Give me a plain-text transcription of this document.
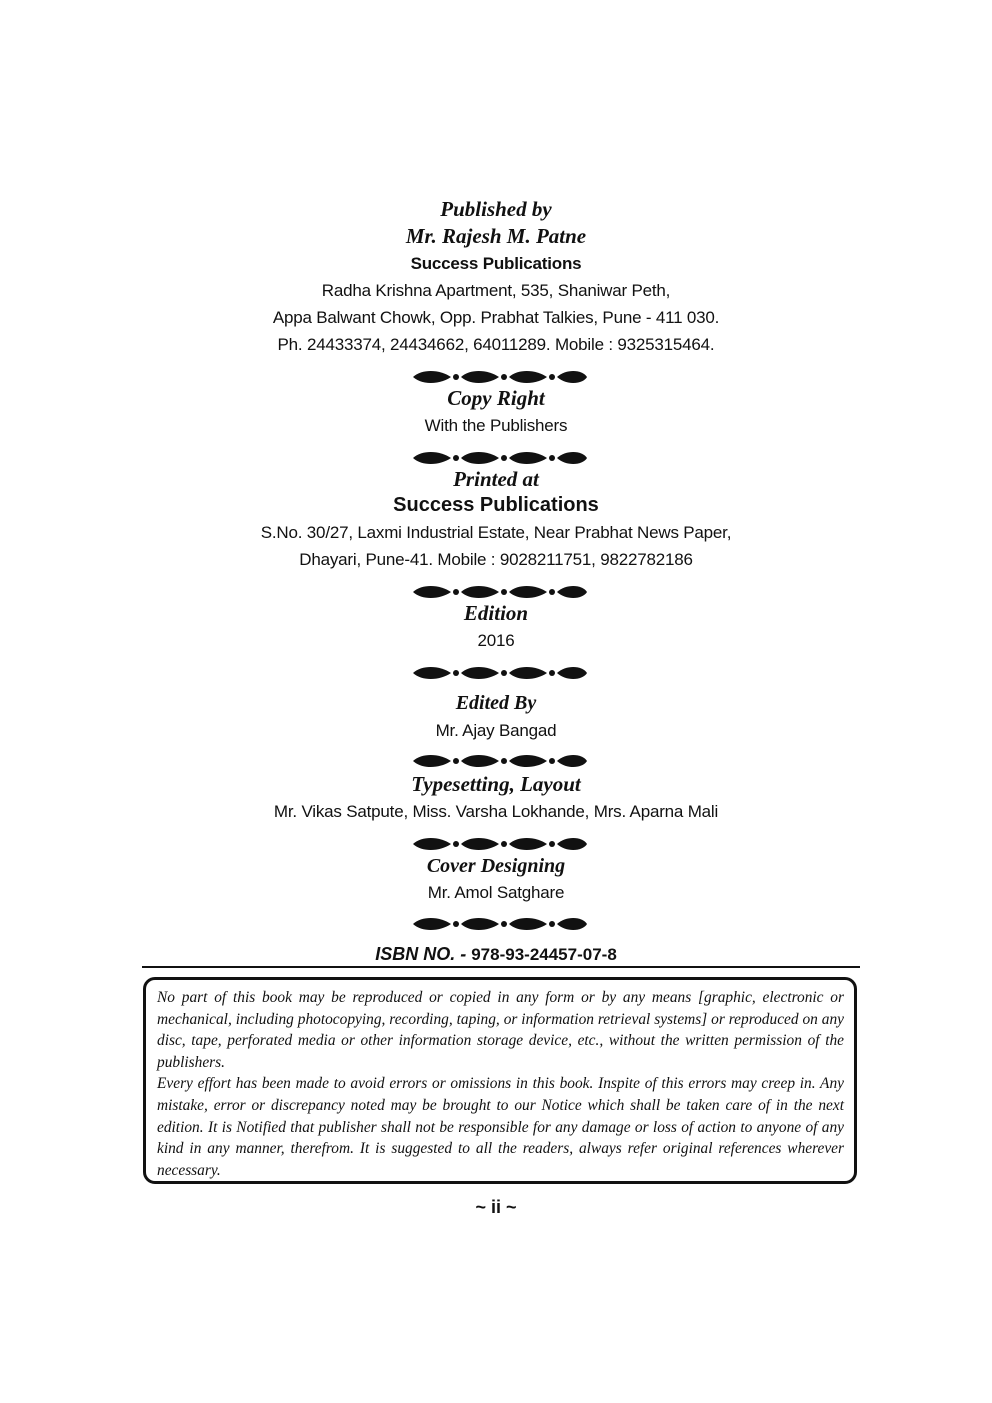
Published by
Mr. Rajesh M. Patne
Success Publications
Radha Krishna Apartment, 535, Shaniwar Peth,
Appa Balwant Chowk, Opp. Prabhat Talkies, Pune - 411 030.
Ph. 24433374, 24434662, 64011289. Mobile : 9325315464.
Copy Right
With the Publishers
Printed at
Success Publications
S.No. 30/27, Laxmi Industrial Estate, Near Prabhat News Paper,
Dhayari, Pune-41. Mobile : 9028211751, 9822782186
Edition
2016
Edited By
Mr. Ajay Bangad
Typesetting, Layout
Mr. Vikas Satpute, Miss. Varsha Lokhande, Mrs. Aparna Mali
Cover Designing
Mr. Amol Satghare
ISBN NO. - 978-93-24457-07-8

No part of this book may be reproduced or copied in any form or by any means [graphic, electronic or mechanical, including photocopying, recording, taping, or information retrieval systems] or reproduced on any disc, tape, perforated media or other information storage device, etc., without the written permission of the publishers.

Every effort has been made to avoid errors or omissions in this book. Inspite of this errors may creep in. Any mistake, error or discrepancy noted may be brought to our Notice which shall be taken care of in the next edition. It is Notified that publisher shall not be responsible for any damage or loss of action to anyone of any kind in any manner, therefrom. It is suggested to all the readers, always refer original references wherever necessary.

~ ii ~
